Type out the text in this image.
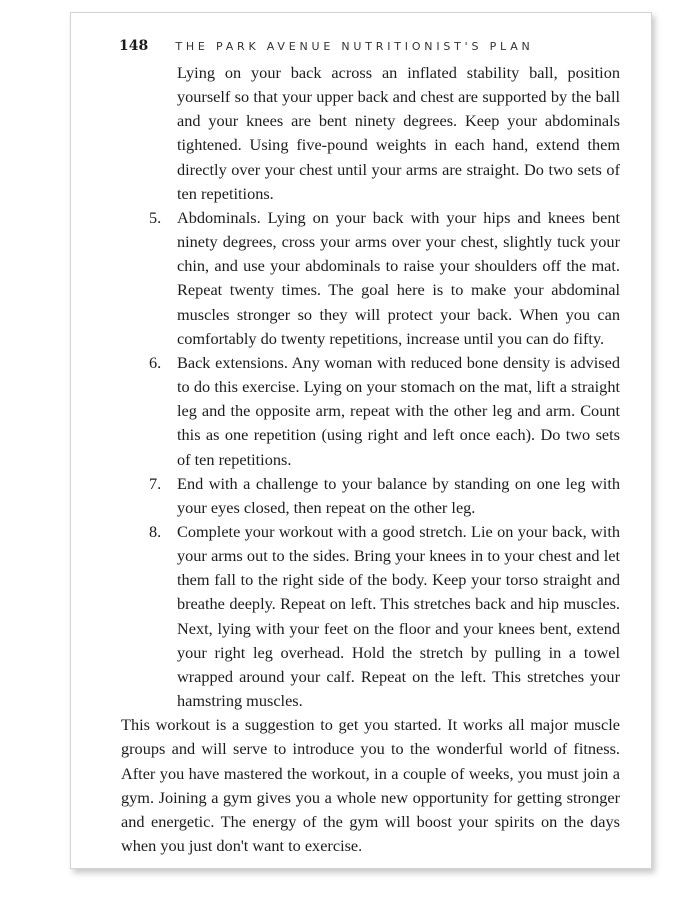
148 THE PARK AVENUE NUTRITIONIST'S PLAN

Lying on your back across an inflated stability ball, position yourself so that your upper back and chest are supported by the ball and your knees are bent ninety degrees. Keep your abdominals tightened. Using five-pound weights in each hand, extend them directly over your chest until your arms are straight. Do two sets of ten repetitions.

5. Abdominals. Lying on your back with your hips and knees bent ninety degrees, cross your arms over your chest, slightly tuck your chin, and use your abdominals to raise your shoulders off the mat. Repeat twenty times. The goal here is to make your abdominal muscles stronger so they will protect your back. When you can comfortably do twenty repetitions, increase until you can do fifty.
6. Back extensions. Any woman with reduced bone density is advised to do this exercise. Lying on your stomach on the mat, lift a straight leg and the opposite arm, repeat with the other leg and arm. Count this as one repetition (using right and left once each). Do two sets of ten repetitions.
7. End with a challenge to your balance by standing on one leg with your eyes closed, then repeat on the other leg.
8. Complete your workout with a good stretch. Lie on your back, with your arms out to the sides. Bring your knees in to your chest and let them fall to the right side of the body. Keep your torso straight and breathe deeply. Repeat on left. This stretches back and hip muscles. Next, lying with your feet on the floor and your knees bent, extend your right leg overhead. Hold the stretch by pulling in a towel wrapped around your calf. Repeat on the left. This stretches your hamstring muscles.

This workout is a suggestion to get you started. It works all major muscle groups and will serve to introduce you to the wonderful world of fitness. After you have mastered the workout, in a couple of weeks, you must join a gym. Joining a gym gives you a whole new opportunity for getting stronger and energetic. The energy of the gym will boost your spirits on the days when you just don't want to exercise.
